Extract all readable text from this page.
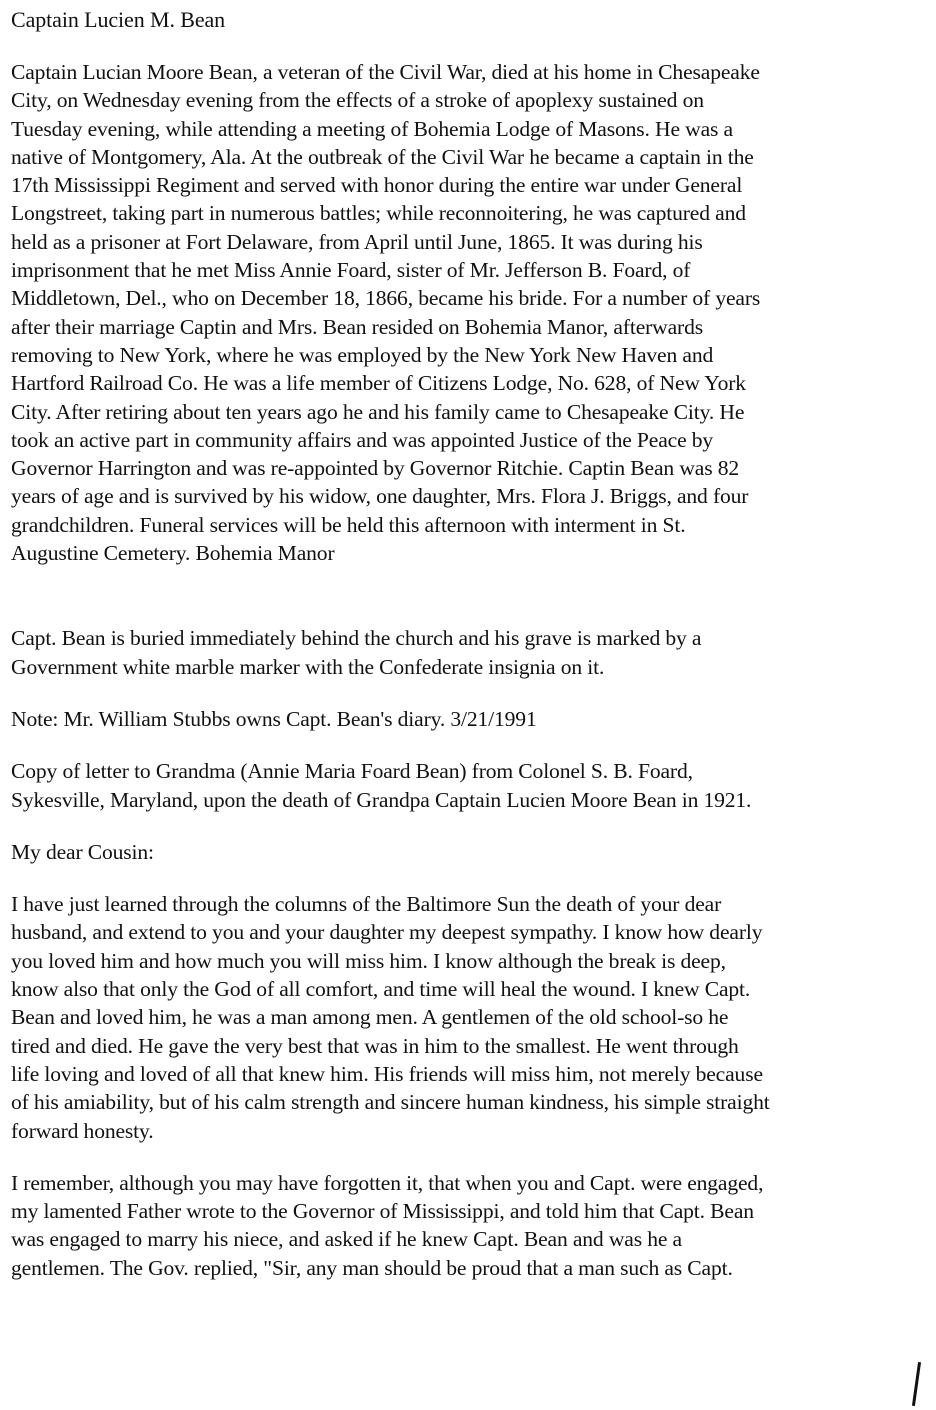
Captain Lucien M. Bean

Captain Lucian Moore Bean, a veteran of the Civil War, died at his home in Chesapeake
City, on Wednesday evening from the effects of a stroke of apoplexy sustained on
Tuesday evening, while attending a meeting of Bohemia Lodge of Masons. He was a
native of Montgomery, Ala. At the outbreak of the Civil War he became a captain in the
17th Mississippi Regiment and served with honor during the entire war under General
Longstreet, taking part in numerous battles; while reconnoitering, he was captured and
held as a prisoner at Fort Delaware, from April until June, 1865. It was during his
imprisonment that he met Miss Annie Foard, sister of Mr. Jefferson B. Foard, of
Middletown, Del., who on December 18, 1866, became his bride. For a number of years
after their marriage Captin and Mrs. Bean resided on Bohemia Manor, afterwards
removing to New York, where he was employed by the New York New Haven and
Hartford Railroad Co. He was a life member of Citizens Lodge, No. 628, of New York
City. After retiring about ten years ago he and his family came to Chesapeake City. He
took an active part in community affairs and was appointed Justice of the Peace by
Governor Harrington and was re-appointed by Governor Ritchie. Captin Bean was 82
years of age and is survived by his widow, one daughter, Mrs. Flora J. Briggs, and four
grandchildren. Funeral services will be held this afternoon with interment in St.
Augustine Cemetery. Bohemia Manor

Capt. Bean is buried immediately behind the church and his grave is marked by a
Government white marble marker with the Confederate insignia on it.

Note: Mr. William Stubbs owns Capt. Bean's diary. 3/21/1991

Copy of letter to Grandma (Annie Maria Foard Bean) from Colonel S. B. Foard,
Sykesville, Maryland, upon the death of Grandpa Captain Lucien Moore Bean in 1921.

My dear Cousin:

I have just learned through the columns of the Baltimore Sun the death of your dear
husband, and extend to you and your daughter my deepest sympathy. I know how dearly
you loved him and how much you will miss him. I know although the break is deep,
know also that only the God of all comfort, and time will heal the wound. I knew Capt.
Bean and loved him, he was a man among men. A gentlemen of the old school-so he
tired and died. He gave the very best that was in him to the smallest. He went through
life loving and loved of all that knew him. His friends will miss him, not merely because
of his amiability, but of his calm strength and sincere human kindness, his simple straight
forward honesty.

I remember, although you may have forgotten it, that when you and Capt. were engaged,
my lamented Father wrote to the Governor of Mississippi, and told him that Capt. Bean
was engaged to marry his niece, and asked if he knew Capt. Bean and was he a
gentlemen. The Gov. replied, "Sir, any man should be proud that a man such as Capt.
